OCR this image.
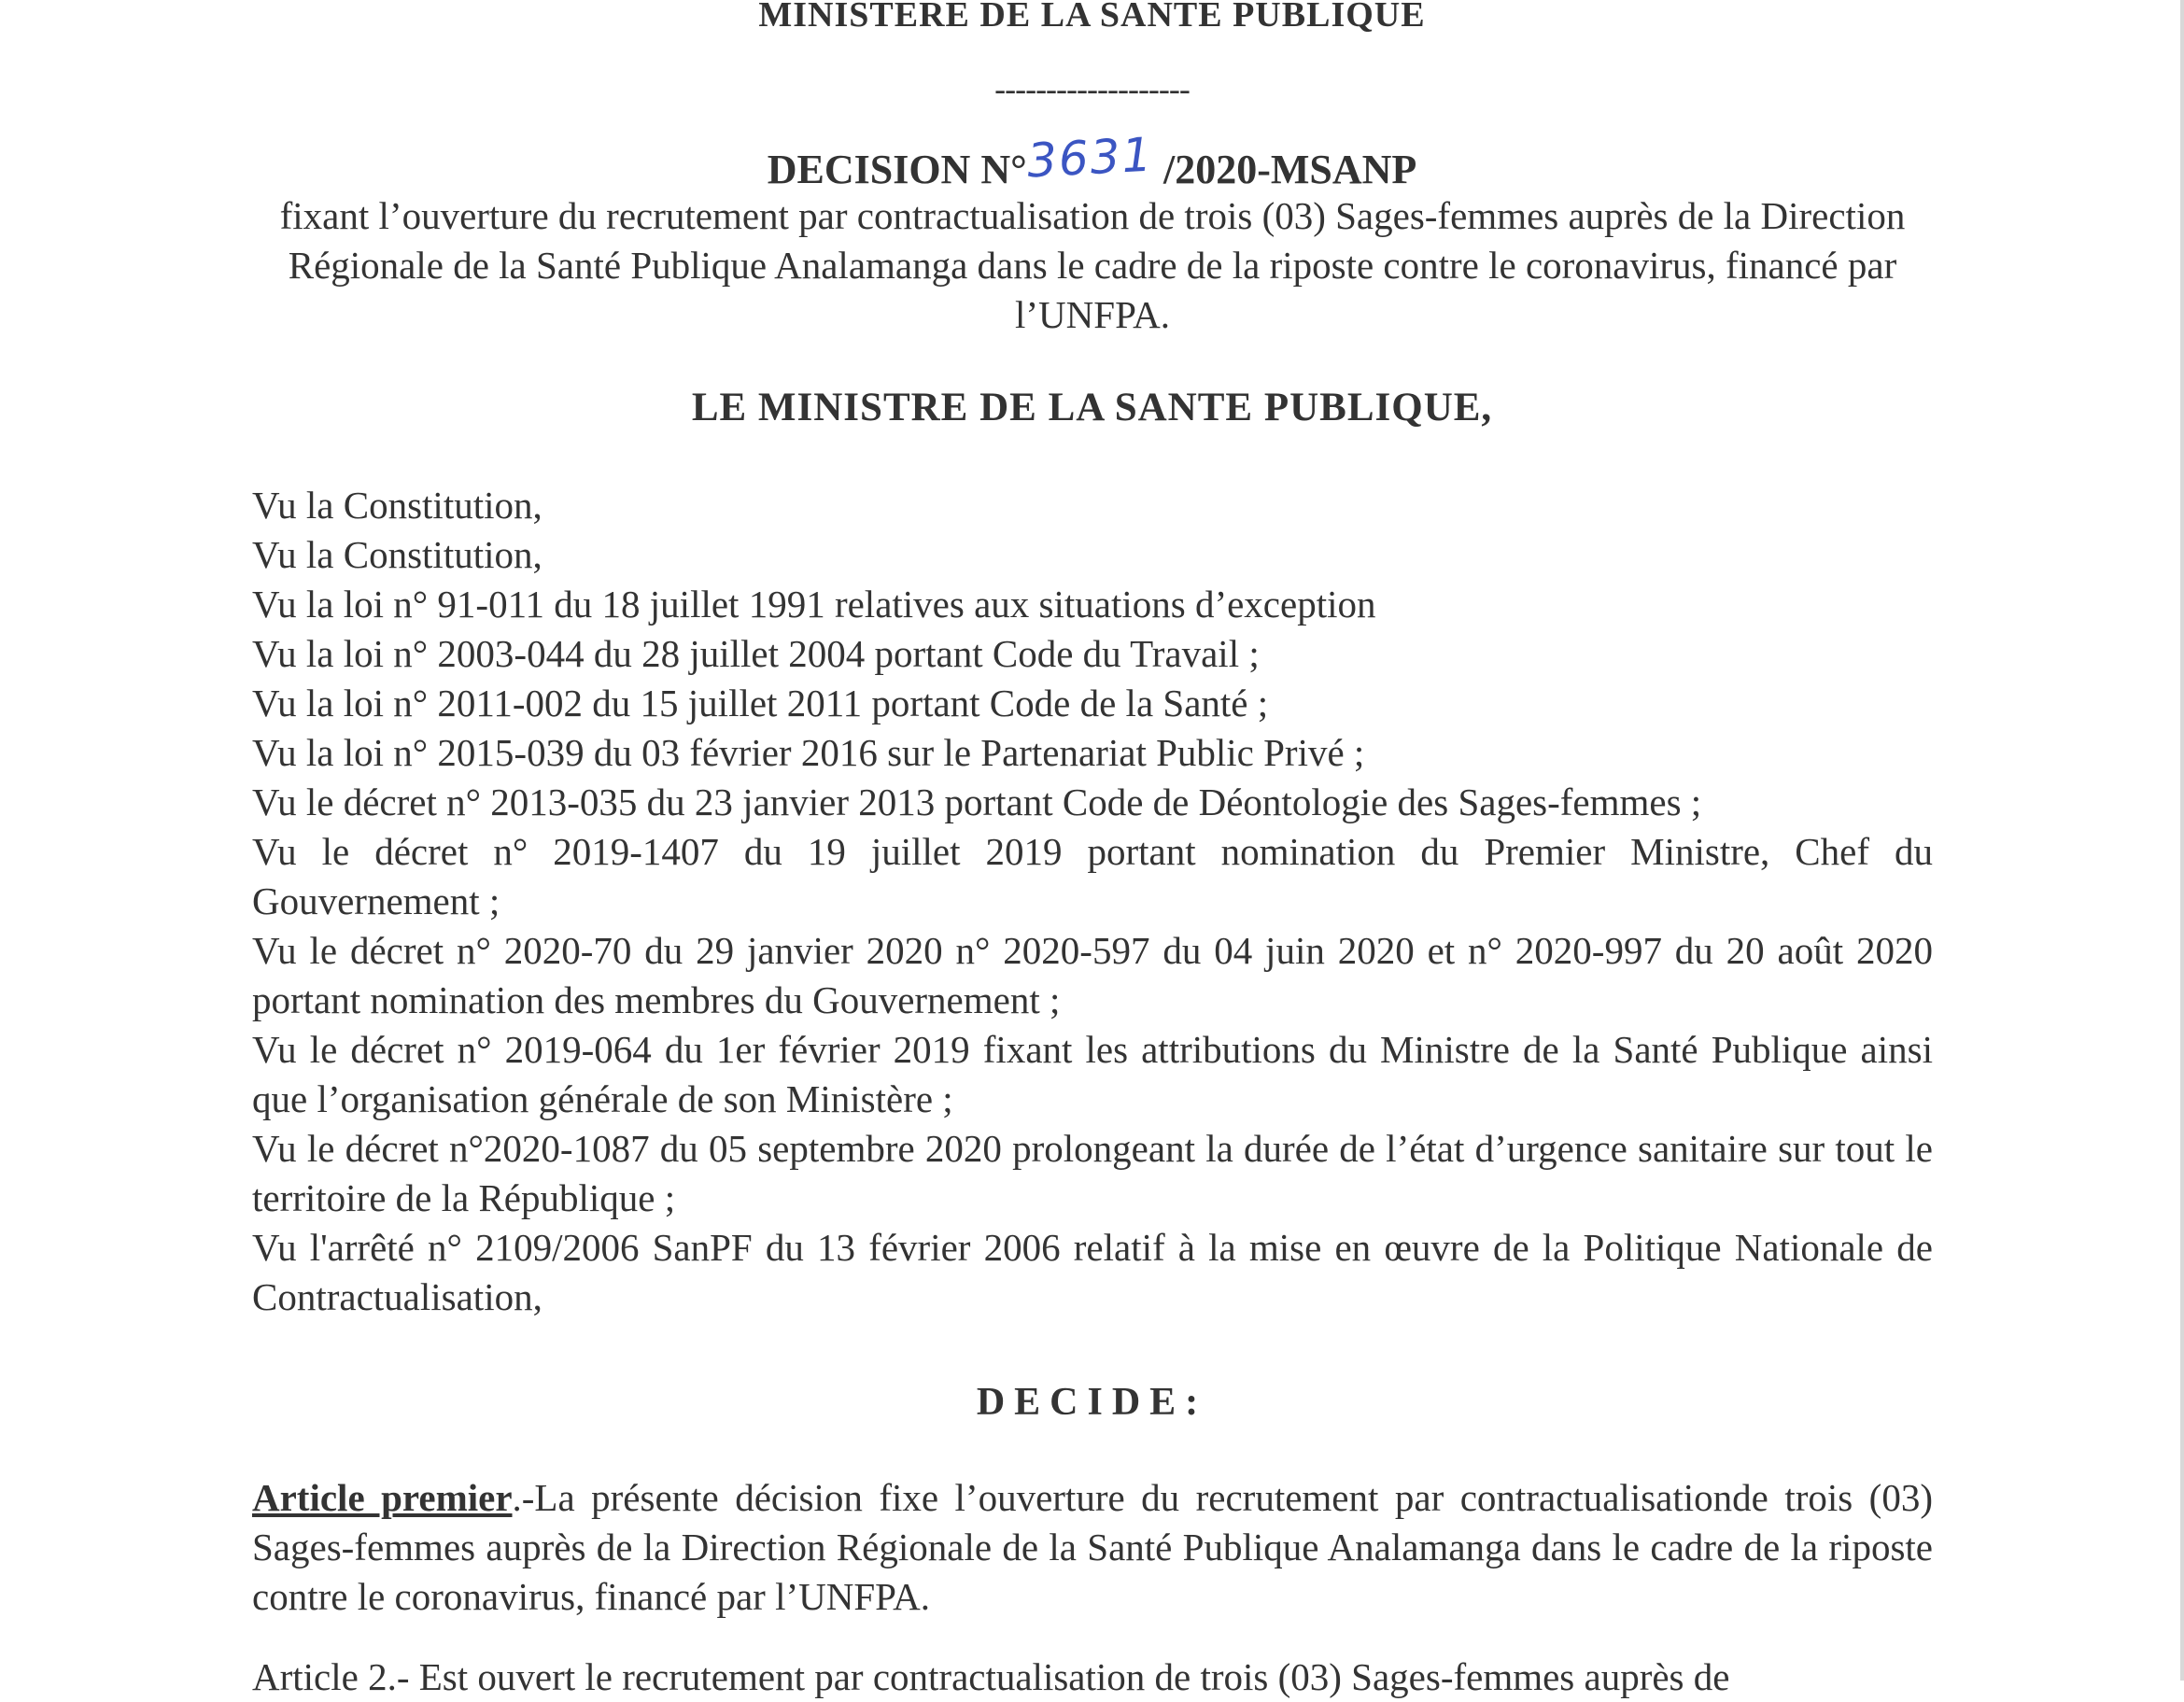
MINISTERE DE LA SANTE PUBLIQUE
-------------------
DECISION N°3631 /2020-MSANP
fixant l’ouverture du recrutement par contractualisation de trois (03) Sages-femmes auprès de la Direction Régionale de la Santé Publique Analamanga dans le cadre de la riposte contre le coronavirus, financé par l’UNFPA.
LE MINISTRE DE LA SANTE PUBLIQUE,

Vu la Constitution,

Vu la Constitution,

Vu la loi n° 91-011 du 18 juillet 1991 relatives aux situations d’exception

Vu la loi n° 2003-044 du 28 juillet 2004 portant Code du Travail ;

Vu la loi n° 2011-002 du 15 juillet 2011 portant Code de la Santé ;

Vu la loi n° 2015-039 du 03 février 2016 sur le Partenariat Public Privé ;

Vu le décret n° 2013-035 du 23 janvier 2013 portant Code de Déontologie des Sages-femmes ;

Vu le décret n° 2019-1407 du 19 juillet 2019 portant nomination du Premier Ministre, Chef du Gouvernement ;

Vu le décret n° 2020-70 du 29 janvier 2020 n° 2020-597 du 04 juin 2020 et n° 2020-997 du 20 août 2020 portant nomination des membres du Gouvernement ;

Vu le décret n° 2019-064 du 1er février 2019 fixant les attributions du Ministre de la Santé Publique ainsi que l’organisation générale de son Ministère ;

Vu le décret n°2020-1087 du 05 septembre 2020 prolongeant la durée de l’état d’urgence sanitaire sur tout le territoire de la République ;

Vu l'arrêté n° 2109/2006 SanPF du 13 février 2006 relatif à la mise en œuvre de la Politique Nationale de Contractualisation,

DECIDE:
Article premier.-La présente décision fixe l’ouverture du recrutement par contractualisationde trois (03) Sages-femmes auprès de la Direction Régionale de la Santé Publique Analamanga dans le cadre de la riposte contre le coronavirus, financé par l’UNFPA.
Article 2.- Est ouvert le recrutement par contractualisation de trois (03) Sages-femmes auprès de
